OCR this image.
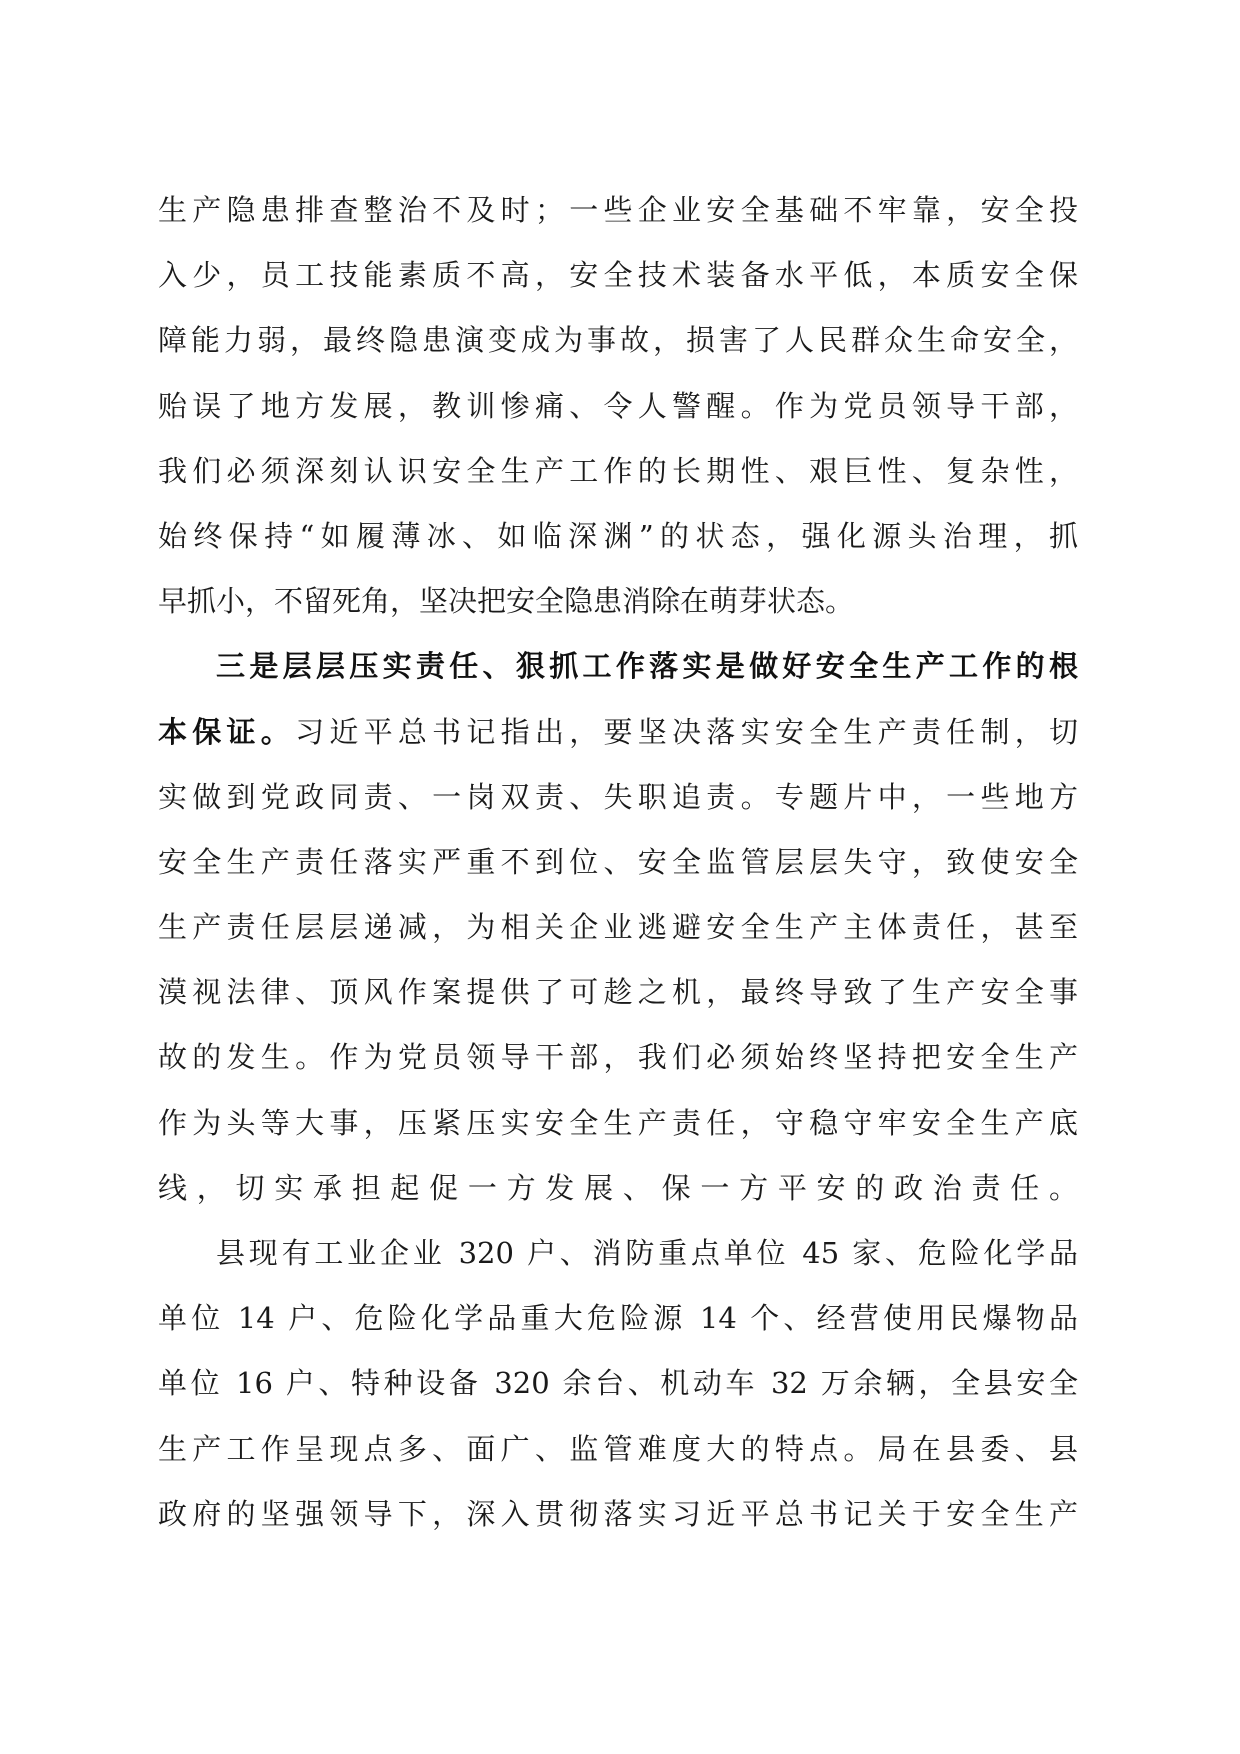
生产隐患排查整治不及时；一些企业安全基础不牢靠，安全投
入少，员工技能素质不高，安全技术装备水平低，本质安全保
障能力弱，最终隐患演变成为事故，损害了人民群众生命安全，
贻误了地方发展，教训惨痛、令人警醒。作为党员领导干部，
我们必须深刻认识安全生产工作的长期性、艰巨性、复杂性，
始终保持“如履薄冰、如临深渊”的状态，强化源头治理，抓
早抓小，不留死角，坚决把安全隐患消除在萌芽状态。
三是层层压实责任、狠抓工作落实是做好安全生产工作的根
本保证。习近平总书记指出，要坚决落实安全生产责任制，切
实做到党政同责、一岗双责、失职追责。专题片中，一些地方
安全生产责任落实严重不到位、安全监管层层失守，致使安全
生产责任层层递减，为相关企业逃避安全生产主体责任，甚至
漠视法律、顶风作案提供了可趁之机，最终导致了生产安全事
故的发生。作为党员领导干部，我们必须始终坚持把安全生产
作为头等大事，压紧压实安全生产责任，守稳守牢安全生产底
线，切实承担起促一方发展、保一方平安的政治责任。
县现有工业企业 320 户、消防重点单位 45 家、危险化学品
单位 14 户、危险化学品重大危险源 14 个、经营使用民爆物品
单位 16 户、特种设备 320 余台、机动车 32 万余辆，全县安全
生产工作呈现点多、面广、监管难度大的特点。局在县委、县
政府的坚强领导下，深入贯彻落实习近平总书记关于安全生产
